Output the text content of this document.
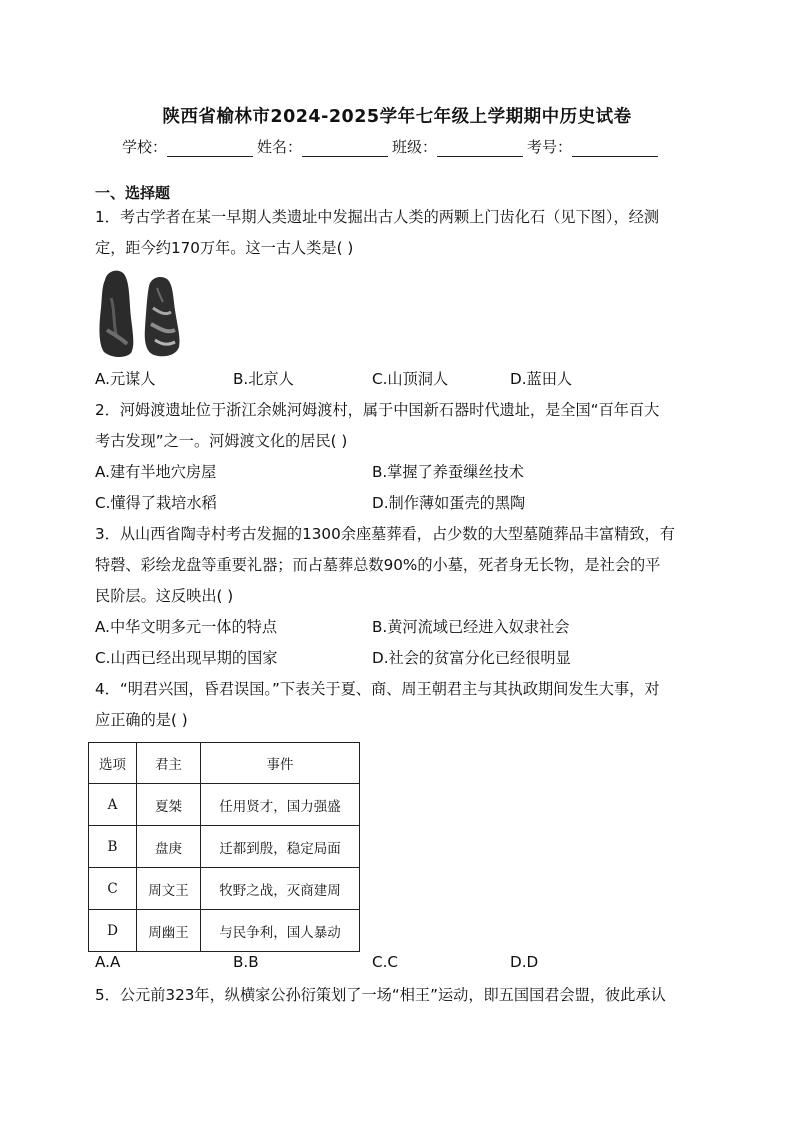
陕西省榆林市2024-2025学年七年级上学期期中历史试卷
学校：	姓名：	班级：	考号：
一、选择题
1．考古学者在某一早期人类遗址中发掘出古人类的两颗上门齿化石（见下图），经测
定，距今约170万年。这一古人类是( )
A.元谋人	B.北京人	C.山顶洞人	D.蓝田人
2．河姆渡遗址位于浙江余姚河姆渡村，属于中国新石器时代遗址，是全国“百年百大
考古发现”之一。河姆渡文化的居民( )
A.建有半地穴房屋	B.掌握了养蚕缫丝技术
C.懂得了栽培水稻	D.制作薄如蛋壳的黑陶
3．从山西省陶寺村考古发掘的1300余座墓葬看，占少数的大型墓随葬品丰富精致，有
特磬、彩绘龙盘等重要礼器；而占墓葬总数90%的小墓，死者身无长物，是社会的平
民阶层。这反映出( )
A.中华文明多元一体的特点	B.黄河流域已经进入奴隶社会
C.山西已经出现早期的国家	D.社会的贫富分化已经很明显
4．“明君兴国，昏君误国。”下表关于夏、商、周王朝君主与其执政期间发生大事，对
应正确的是( )
选项	君主	事件
A	夏桀	任用贤才，国力强盛
B	盘庚	迁都到殷，稳定局面
C	周文王	牧野之战，灭商建周
D	周幽王	与民争利，国人暴动
A.A	B.B	C.C	D.D
5．公元前323年，纵横家公孙衍策划了一场“相王”运动，即五国国君会盟，彼此承认
